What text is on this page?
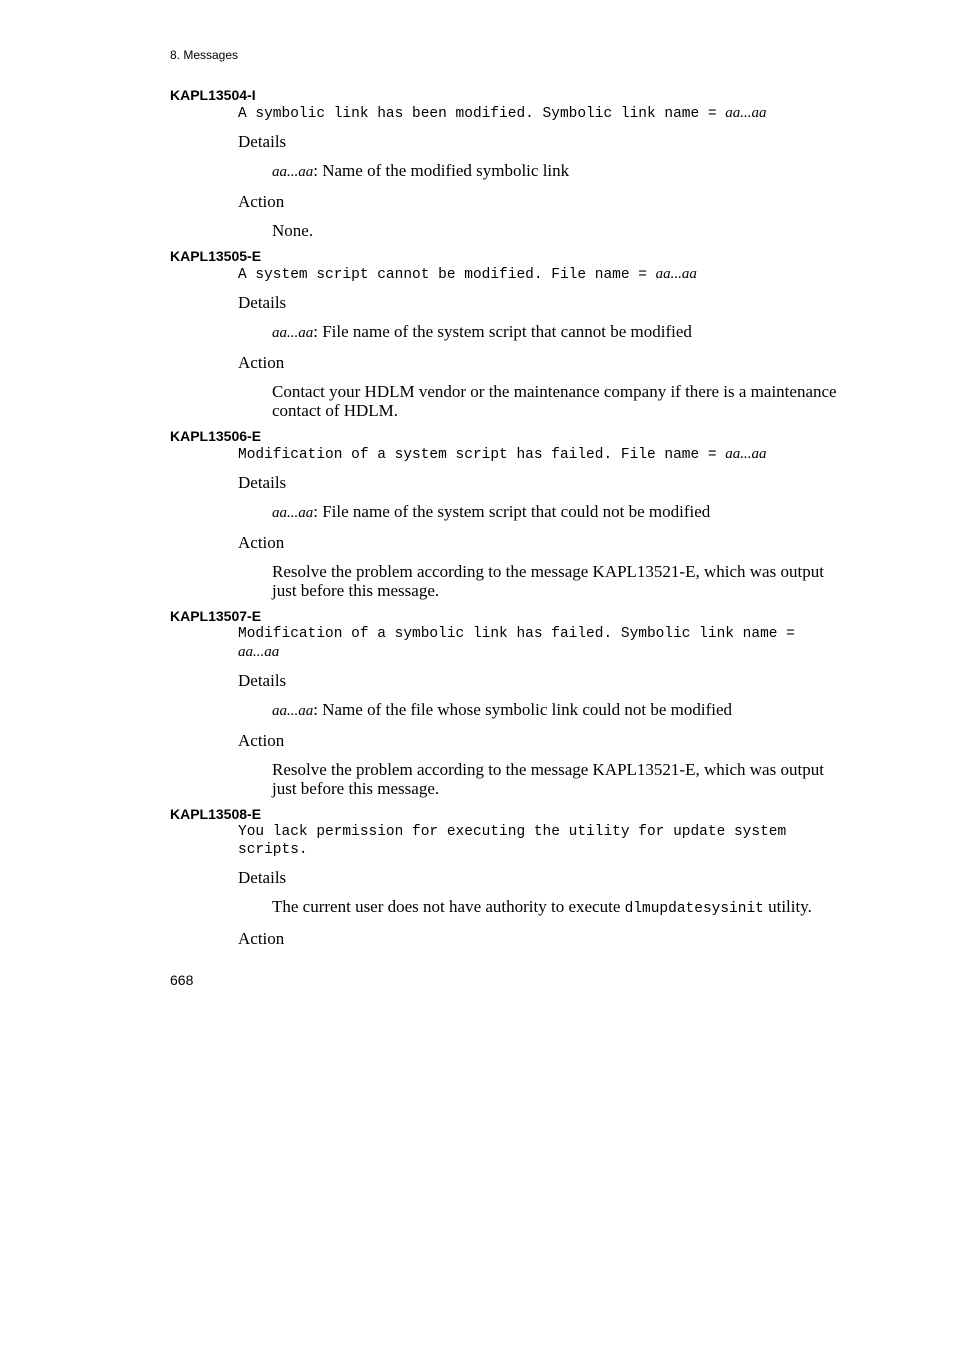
8. Messages
KAPL13504-I
A symbolic link has been modified. Symbolic link name = aa...aa
Details
aa...aa: Name of the modified symbolic link
Action
None.
KAPL13505-E
A system script cannot be modified. File name = aa...aa
Details
aa...aa: File name of the system script that cannot be modified
Action
Contact your HDLM vendor or the maintenance company if there is a maintenance contact of HDLM.
KAPL13506-E
Modification of a system script has failed. File name = aa...aa
Details
aa...aa: File name of the system script that could not be modified
Action
Resolve the problem according to the message KAPL13521-E, which was output just before this message.
KAPL13507-E
Modification of a symbolic link has failed. Symbolic link name = aa...aa
Details
aa...aa: Name of the file whose symbolic link could not be modified
Action
Resolve the problem according to the message KAPL13521-E, which was output just before this message.
KAPL13508-E
You lack permission for executing the utility for update system scripts.
Details
The current user does not have authority to execute dlmupdatesysinit utility.
Action
668
